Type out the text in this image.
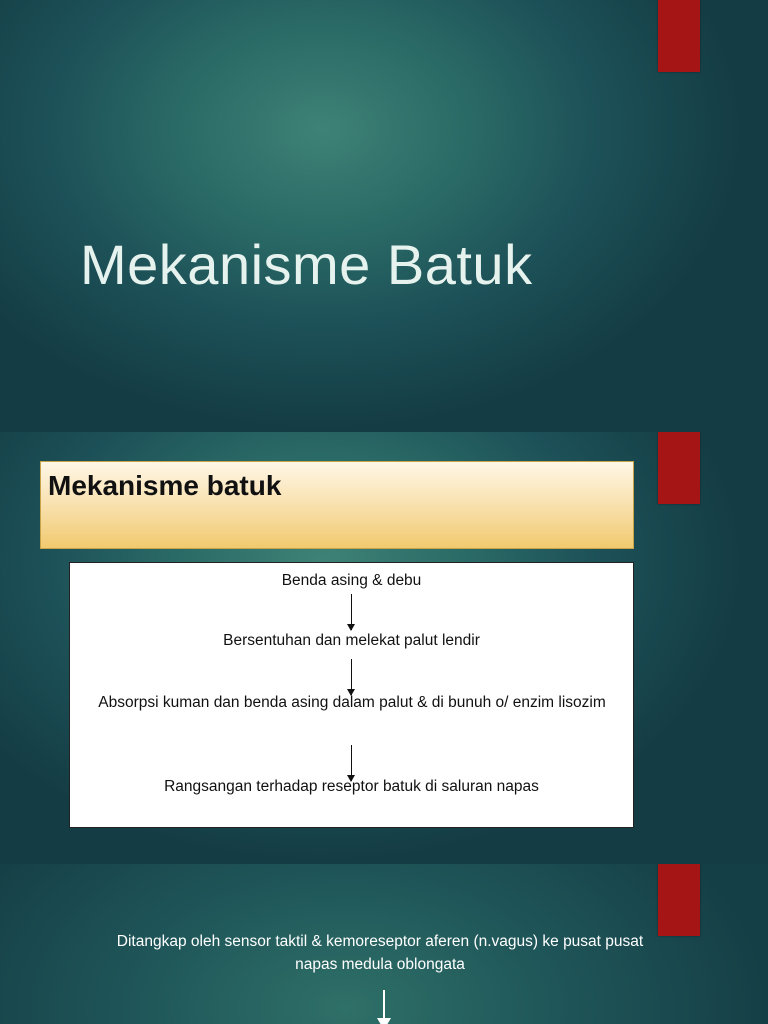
Mekanisme Batuk
Mekanisme batuk
Benda asing & debu
Bersentuhan dan melekat palut lendir
Absorpsi kuman dan benda asing dalam palut & di bunuh o/ enzim lisozim
Rangsangan terhadap reseptor batuk di saluran napas
Ditangkap oleh sensor taktil & kemoreseptor aferen (n.vagus) ke pusat pusat napas medula oblongata
